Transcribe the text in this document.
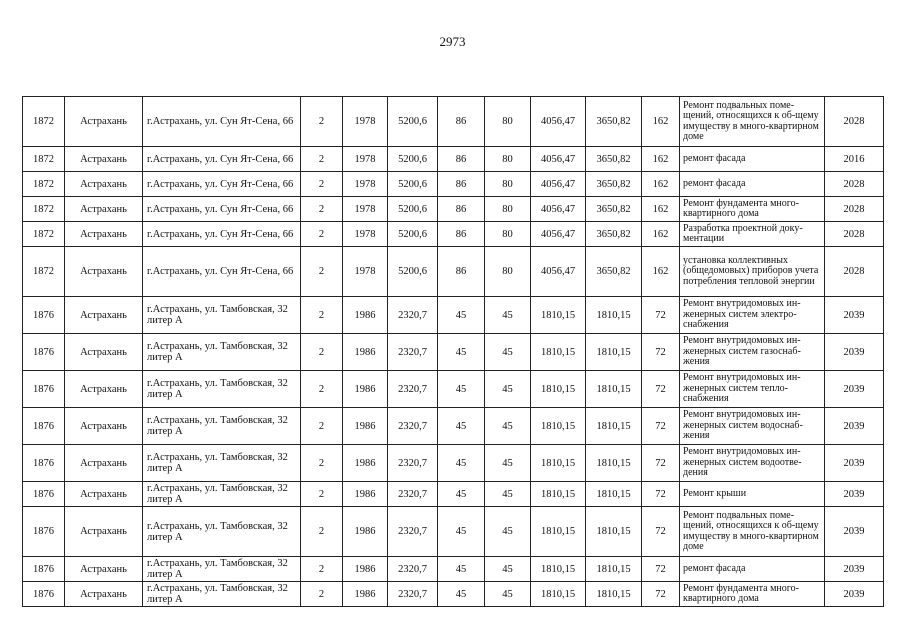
2973
1872	Астрахань	г.Астрахань, ул. Сун Ят-Сена, 66	2	1978	5200,6	86	80	4056,47	3650,82	162	Ремонт подвальных поме-щений, относящихся к об-щему имуществу в много-квартирном доме	2028
1872	Астрахань	г.Астрахань, ул. Сун Ят-Сена, 66	2	1978	5200,6	86	80	4056,47	3650,82	162	ремонт фасада	2016
1872	Астрахань	г.Астрахань, ул. Сун Ят-Сена, 66	2	1978	5200,6	86	80	4056,47	3650,82	162	ремонт фасада	2028
1872	Астрахань	г.Астрахань, ул. Сун Ят-Сена, 66	2	1978	5200,6	86	80	4056,47	3650,82	162	Ремонт фундамента много-квартирного дома	2028
1872	Астрахань	г.Астрахань, ул. Сун Ят-Сена, 66	2	1978	5200,6	86	80	4056,47	3650,82	162	Разработка проектной доку-ментации	2028
1872	Астрахань	г.Астрахань, ул. Сун Ят-Сена, 66	2	1978	5200,6	86	80	4056,47	3650,82	162	установка коллективных (общедомовых) приборов учета потребления тепловой энергии	2028
1876	Астрахань	г.Астрахань, ул. Тамбовская, 32 литер А	2	1986	2320,7	45	45	1810,15	1810,15	72	Ремонт внутридомовых ин-женерных систем электро-снабжения	2039
1876	Астрахань	г.Астрахань, ул. Тамбовская, 32 литер А	2	1986	2320,7	45	45	1810,15	1810,15	72	Ремонт внутридомовых ин-женерных систем газоснаб-жения	2039
1876	Астрахань	г.Астрахань, ул. Тамбовская, 32 литер А	2	1986	2320,7	45	45	1810,15	1810,15	72	Ремонт внутридомовых ин-женерных систем тепло-снабжения	2039
1876	Астрахань	г.Астрахань, ул. Тамбовская, 32 литер А	2	1986	2320,7	45	45	1810,15	1810,15	72	Ремонт внутридомовых ин-женерных систем водоснаб-жения	2039
1876	Астрахань	г.Астрахань, ул. Тамбовская, 32 литер А	2	1986	2320,7	45	45	1810,15	1810,15	72	Ремонт внутридомовых ин-женерных систем водоотве-дения	2039
1876	Астрахань	г.Астрахань, ул. Тамбовская, 32 литер А	2	1986	2320,7	45	45	1810,15	1810,15	72	Ремонт крыши	2039
1876	Астрахань	г.Астрахань, ул. Тамбовская, 32 литер А	2	1986	2320,7	45	45	1810,15	1810,15	72	Ремонт подвальных поме-щений, относящихся к об-щему имуществу в много-квартирном доме	2039
1876	Астрахань	г.Астрахань, ул. Тамбовская, 32 литер А	2	1986	2320,7	45	45	1810,15	1810,15	72	ремонт фасада	2039
1876	Астрахань	г.Астрахань, ул. Тамбовская, 32 литер А	2	1986	2320,7	45	45	1810,15	1810,15	72	Ремонт фундамента много-квартирного дома	2039
